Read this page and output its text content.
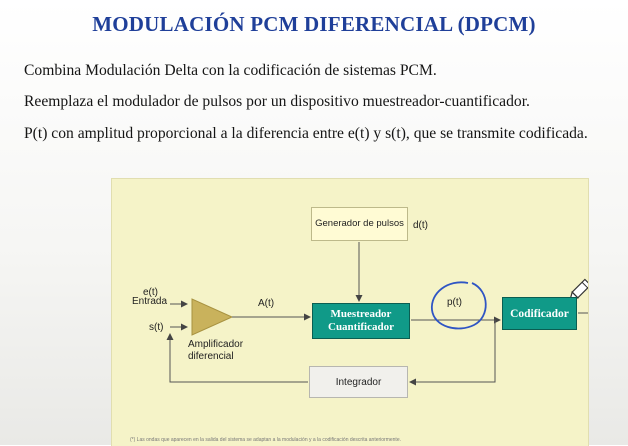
MODULACIÓN PCM DIFERENCIAL (DPCM)
Combina Modulación Delta con la codificación de sistemas PCM.
Reemplaza el modulador de pulsos por un dispositivo muestreador-cuantificador.
P(t) con amplitud proporcional a la diferencia entre e(t) y s(t), que se transmite codificada.
Generador de pulsos d(t)
e(t)
Entrada
s(t)
A(t)
Amplificador diferencial
Muestreador Cuantificador
p(t)
Codificador
Integrador
(*) Las ondas que aparecen en la salida del sistema se adaptan a la modulación y a la codificación descrita anteriormente.
